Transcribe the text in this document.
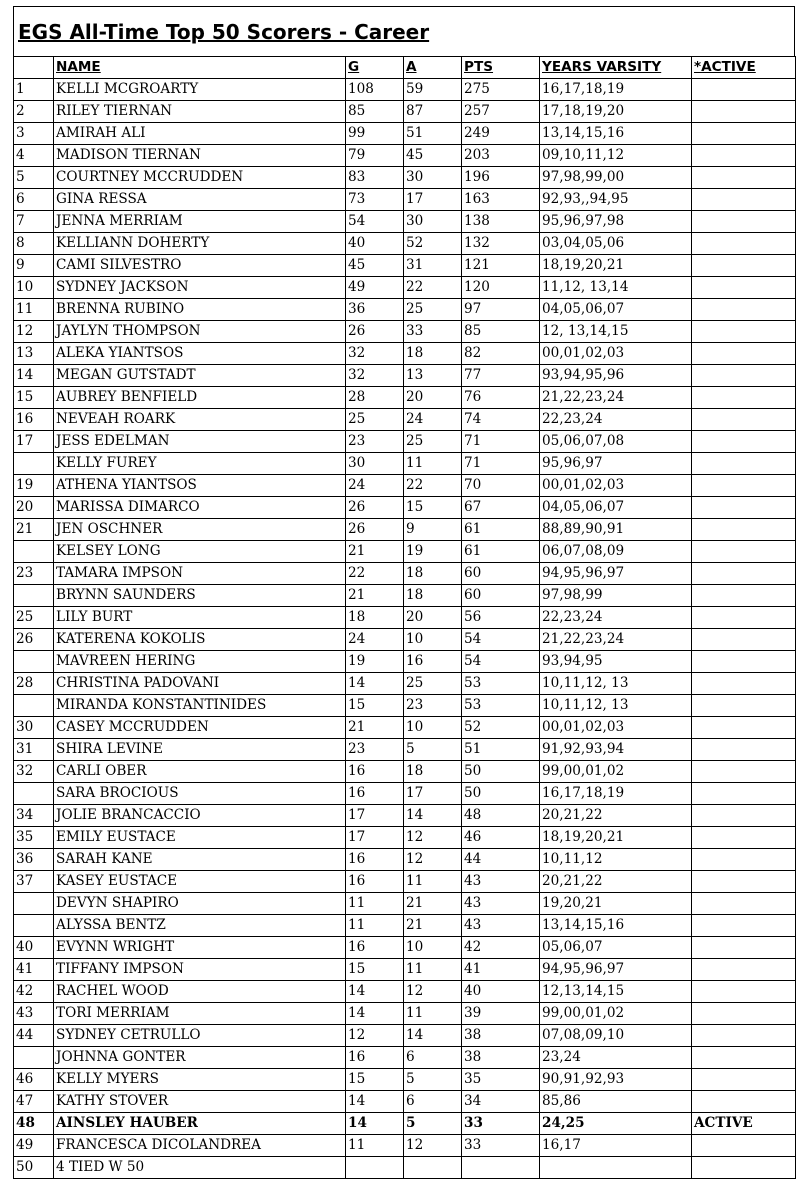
EGS All-Time Top 50 Scorers - Career
	NAME	G	A	PTS	YEARS VARSITY	*ACTIVE
1	KELLI MCGROARTY	108	59	275	16,17,18,19	
2	RILEY TIERNAN	85	87	257	17,18,19,20	
3	AMIRAH ALI	99	51	249	13,14,15,16	
4	MADISON TIERNAN	79	45	203	09,10,11,12	
5	COURTNEY MCCRUDDEN	83	30	196	97,98,99,00	
6	GINA RESSA	73	17	163	92,93,,94,95	
7	JENNA MERRIAM	54	30	138	95,96,97,98	
8	KELLIANN DOHERTY	40	52	132	03,04,05,06	
9	CAMI SILVESTRO	45	31	121	18,19,20,21	
10	SYDNEY JACKSON	49	22	120	11,12, 13,14	
11	BRENNA RUBINO	36	25	97	04,05,06,07	
12	JAYLYN THOMPSON	26	33	85	12, 13,14,15	
13	ALEKA YIANTSOS	32	18	82	00,01,02,03	
14	MEGAN GUTSTADT	32	13	77	93,94,95,96	
15	AUBREY BENFIELD	28	20	76	21,22,23,24	
16	NEVEAH ROARK	25	24	74	22,23,24	
17	JESS EDELMAN	23	25	71	05,06,07,08	
	KELLY FUREY	30	11	71	95,96,97	
19	ATHENA YIANTSOS	24	22	70	00,01,02,03	
20	MARISSA DIMARCO	26	15	67	04,05,06,07	
21	JEN OSCHNER	26	9	61	88,89,90,91	
	KELSEY LONG	21	19	61	06,07,08,09	
23	TAMARA IMPSON	22	18	60	94,95,96,97	
	BRYNN SAUNDERS	21	18	60	97,98,99	
25	LILY BURT	18	20	56	22,23,24	
26	KATERENA KOKOLIS	24	10	54	21,22,23,24	
	MAVREEN HERING	19	16	54	93,94,95	
28	CHRISTINA PADOVANI	14	25	53	10,11,12, 13	
	MIRANDA KONSTANTINIDES	15	23	53	10,11,12, 13	
30	CASEY MCCRUDDEN	21	10	52	00,01,02,03	
31	SHIRA LEVINE	23	5	51	91,92,93,94	
32	CARLI OBER	16	18	50	99,00,01,02	
	SARA BROCIOUS	16	17	50	16,17,18,19	
34	JOLIE BRANCACCIO	17	14	48	20,21,22	
35	EMILY EUSTACE	17	12	46	18,19,20,21	
36	SARAH KANE	16	12	44	10,11,12	
37	KASEY EUSTACE	16	11	43	20,21,22	
	DEVYN SHAPIRO	11	21	43	19,20,21	
	ALYSSA BENTZ	11	21	43	13,14,15,16	
40	EVYNN WRIGHT	16	10	42	05,06,07	
41	TIFFANY IMPSON	15	11	41	94,95,96,97	
42	RACHEL WOOD	14	12	40	12,13,14,15	
43	TORI MERRIAM	14	11	39	99,00,01,02	
44	SYDNEY CETRULLO	12	14	38	07,08,09,10	
	JOHNNA GONTER	16	6	38	23,24	
46	KELLY MYERS	15	5	35	90,91,92,93	
47	KATHY STOVER	14	6	34	85,86	
48	AINSLEY HAUBER	14	5	33	24,25	ACTIVE
49	FRANCESCA DICOLANDREA	11	12	33	16,17	
50	4 TIED W 50					
